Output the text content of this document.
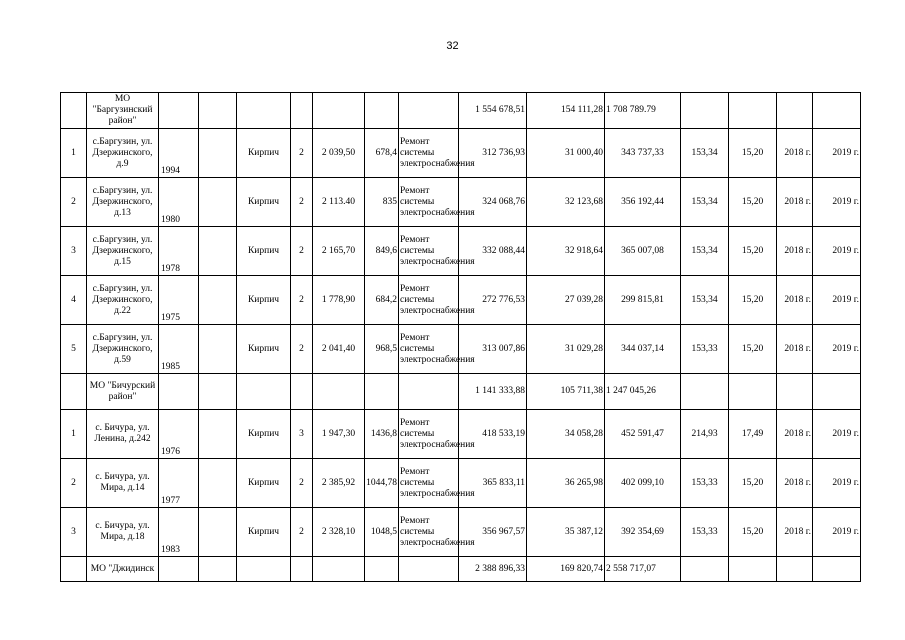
32
	МО "Баргузинский район"								1 554 678,51	154 111,28	1 708 789.79				
1	с.Баргузин, ул. Дзержинского, д.9	1994		Кирпич	2	2 039,50	678,4	Ремонт системы электроснабжения	312 736,93	31 000,40	343 737,33	153,34	15,20	2018 г.	2019 г.
2	с.Баргузин, ул. Дзержинского, д.13	1980		Кирпич	2	2 113.40	835	Ремонт системы электроснабжения	324 068,76	32 123,68	356 192,44	153,34	15,20	2018 г.	2019 г.
3	с.Баргузин, ул. Дзержинского, д.15	1978		Кирпич	2	2 165,70	849,6	Ремонт системы электроснабжения	332 088,44	32 918,64	365 007,08	153,34	15,20	2018 г.	2019 г.
4	с.Баргузин, ул. Дзержинского, д.22	1975		Кирпич	2	1 778,90	684,2	Ремонт системы электроснабжения	272 776,53	27 039,28	299 815,81	153,34	15,20	2018 г.	2019 г.
5	с.Баргузин, ул. Дзержинского, д.59	1985		Кирпич	2	2 041,40	968,5	Ремонт системы электроснабжения	313 007,86	31 029,28	344 037,14	153,33	15,20	2018 г.	2019 г.
	МО "Бичурский район"								1 141 333,88	105 711,38	1 247 045,26				
1	с. Бичура, ул. Ленина, д.242	1976		Кирпич	3	1 947,30	1436,8	Ремонт системы электроснабжения	418 533,19	34 058,28	452 591,47	214,93	17,49	2018 г.	2019 г.
2	с. Бичура, ул. Мира, д.14	1977		Кирпич	2	2 385,92	1044,78	Ремонт системы электроснабжения	365 833,11	36 265,98	402 099,10	153,33	15,20	2018 г.	2019 г.
3	с. Бичура, ул. Мира, д.18	1983		Кирпич	2	2 328,10	1048,5	Ремонт системы электроснабжения	356 967,57	35 387,12	392 354,69	153,33	15,20	2018 г.	2019 г.
	МО "Джидинск								2 388 896,33	169 820,74	2 558 717,07				
